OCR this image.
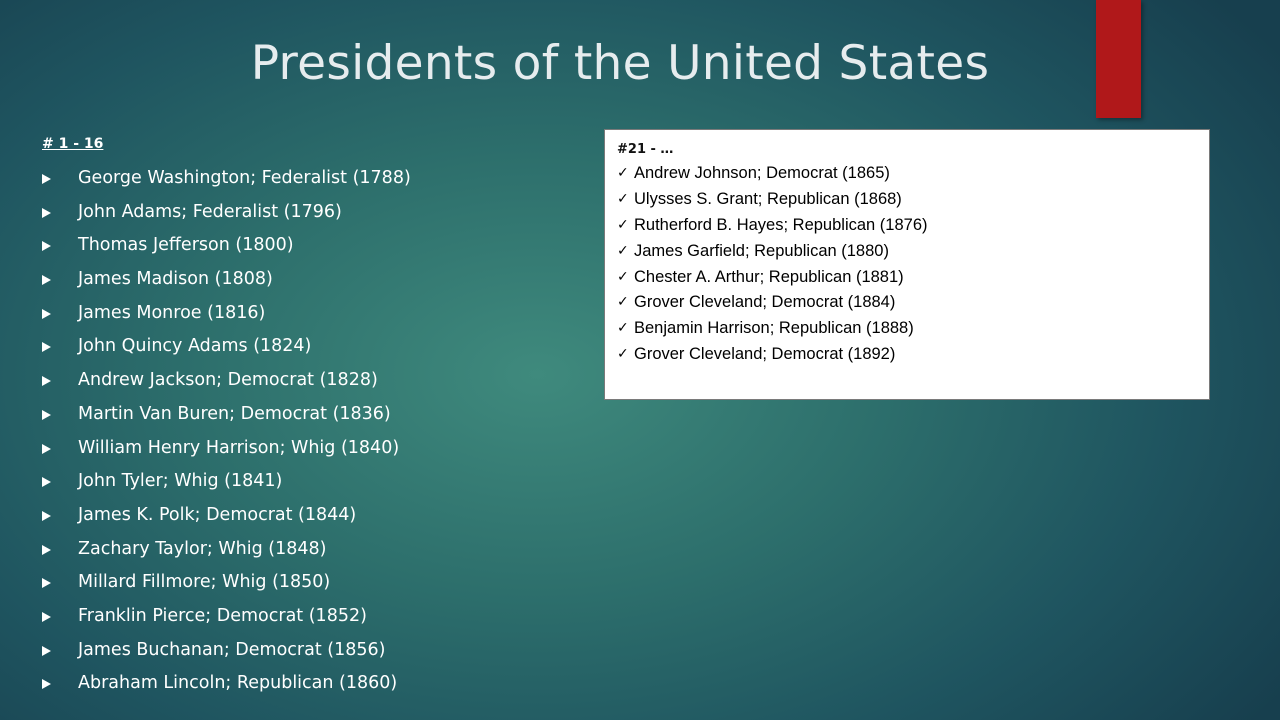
Presidents of the United States
# 1 - 16
George Washington; Federalist (1788)
John Adams; Federalist (1796)
Thomas Jefferson (1800)
James Madison (1808)
James Monroe (1816)
John Quincy Adams (1824)
Andrew Jackson; Democrat (1828)
Martin Van Buren; Democrat (1836)
William Henry Harrison; Whig (1840)
John Tyler; Whig (1841)
James K. Polk; Democrat (1844)
Zachary Taylor; Whig (1848)
Millard Fillmore; Whig (1850)
Franklin Pierce; Democrat (1852)
James Buchanan; Democrat (1856)
Abraham Lincoln; Republican (1860)
#21 - …
✓ Andrew Johnson; Democrat (1865)
✓ Ulysses S. Grant; Republican (1868)
✓ Rutherford B. Hayes; Republican (1876)
✓ James Garfield; Republican (1880)
✓ Chester A. Arthur; Republican (1881)
✓ Grover Cleveland; Democrat (1884)
✓ Benjamin Harrison; Republican (1888)
✓ Grover Cleveland; Democrat (1892)
